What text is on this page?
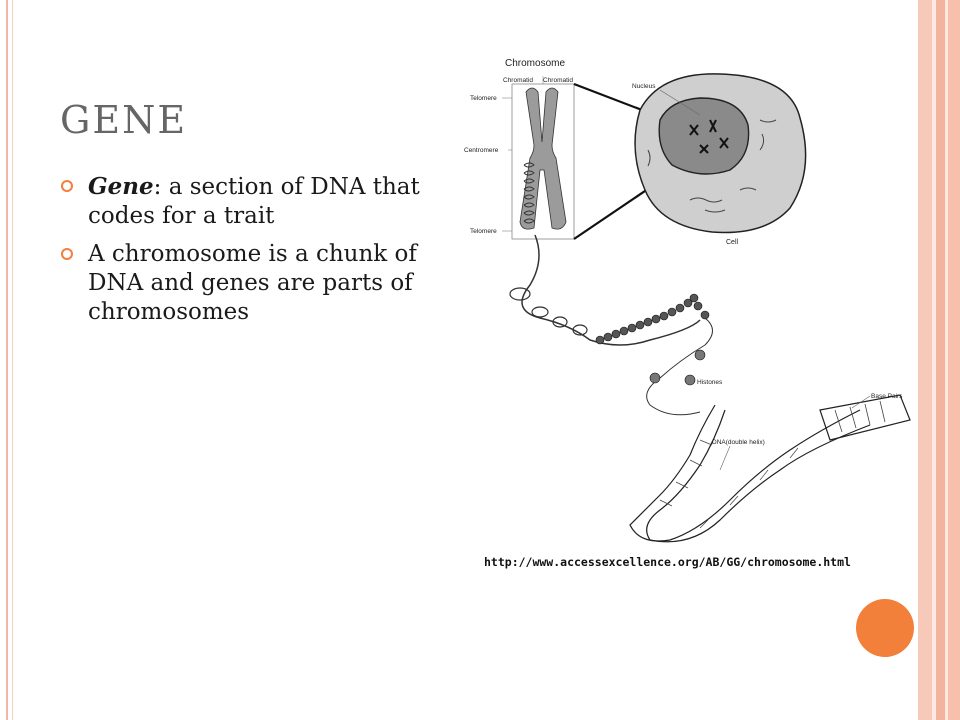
GENE
Gene: a section of DNA that codes for a trait
A chromosome is a chunk of DNA and genes are parts of chromosomes
Chromosome
Chromatid Chromatid
Telomere
Centromere
Telomere
Nucleus
Cell
Histones
Base Pairs
DNA(double helix)
http://www.accessexcellence.org/AB/GG/chromosome.html
